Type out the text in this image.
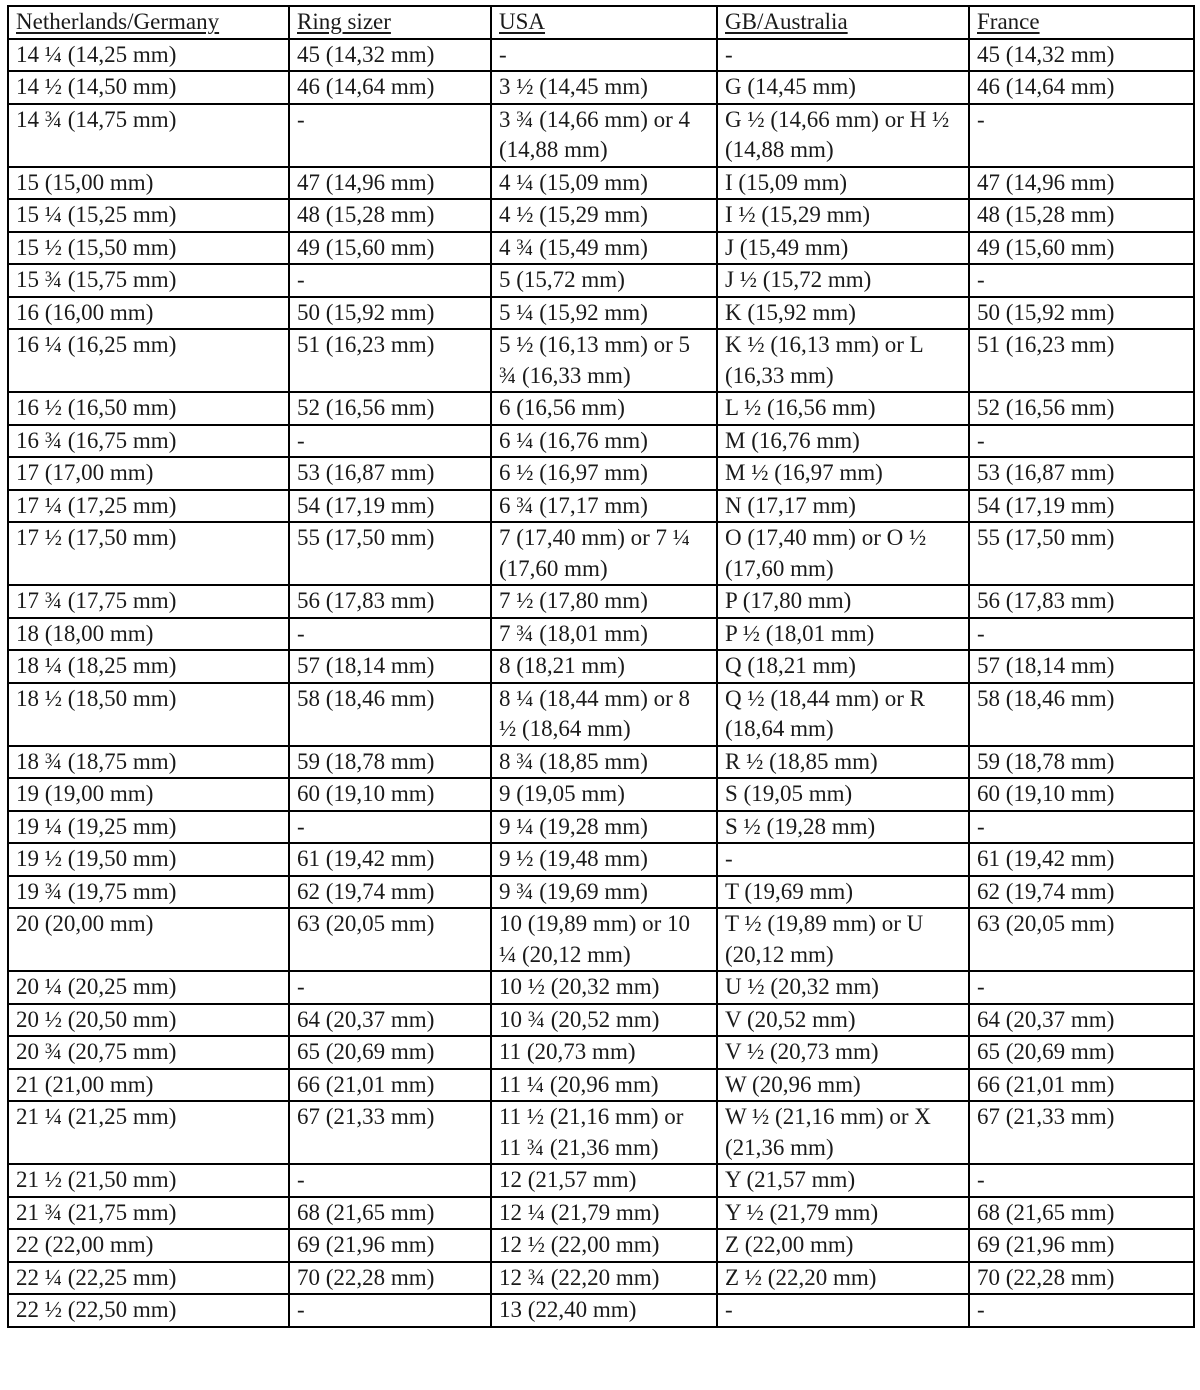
Netherlands/Germany	Ring sizer	USA	GB/Australia	France
14 ¼ (14,25 mm)	45 (14,32 mm)	-	-	45 (14,32 mm)
14 ½ (14,50 mm)	46 (14,64 mm)	3 ½ (14,45 mm)	G (14,45 mm)	46 (14,64 mm)
14 ¾ (14,75 mm)	-	3 ¾ (14,66 mm) or 4 (14,88 mm)	G ½ (14,66 mm) or H ½ (14,88 mm)	-
15 (15,00 mm)	47 (14,96 mm)	4 ¼ (15,09 mm)	I (15,09 mm)	47 (14,96 mm)
15 ¼ (15,25 mm)	48 (15,28 mm)	4 ½ (15,29 mm)	I ½ (15,29 mm)	48 (15,28 mm)
15 ½ (15,50 mm)	49 (15,60 mm)	4 ¾ (15,49 mm)	J (15,49 mm)	49 (15,60 mm)
15 ¾ (15,75 mm)	-	5 (15,72 mm)	J ½ (15,72 mm)	-
16 (16,00 mm)	50 (15,92 mm)	5 ¼ (15,92 mm)	K (15,92 mm)	50 (15,92 mm)
16 ¼ (16,25 mm)	51 (16,23 mm)	5 ½ (16,13 mm) or 5 ¾ (16,33 mm)	K ½ (16,13 mm) or L (16,33 mm)	51 (16,23 mm)
16 ½ (16,50 mm)	52 (16,56 mm)	6 (16,56 mm)	L ½ (16,56 mm)	52 (16,56 mm)
16 ¾ (16,75 mm)	-	6 ¼ (16,76 mm)	M (16,76 mm)	-
17 (17,00 mm)	53 (16,87 mm)	6 ½ (16,97 mm)	M ½ (16,97 mm)	53 (16,87 mm)
17 ¼ (17,25 mm)	54 (17,19 mm)	6 ¾ (17,17 mm)	N (17,17 mm)	54 (17,19 mm)
17 ½ (17,50 mm)	55 (17,50 mm)	7 (17,40 mm) or 7 ¼ (17,60 mm)	O (17,40 mm) or O ½ (17,60 mm)	55 (17,50 mm)
17 ¾ (17,75 mm)	56 (17,83 mm)	7 ½ (17,80 mm)	P (17,80 mm)	56 (17,83 mm)
18 (18,00 mm)	-	7 ¾ (18,01 mm)	P ½ (18,01 mm)	-
18 ¼ (18,25 mm)	57 (18,14 mm)	8 (18,21 mm)	Q (18,21 mm)	57 (18,14 mm)
18 ½ (18,50 mm)	58 (18,46 mm)	8 ¼ (18,44 mm) or 8 ½ (18,64 mm)	Q ½ (18,44 mm) or R (18,64 mm)	58 (18,46 mm)
18 ¾ (18,75 mm)	59 (18,78 mm)	8 ¾ (18,85 mm)	R ½ (18,85 mm)	59 (18,78 mm)
19 (19,00 mm)	60 (19,10 mm)	9 (19,05 mm)	S (19,05 mm)	60 (19,10 mm)
19 ¼ (19,25 mm)	-	9 ¼ (19,28 mm)	S ½ (19,28 mm)	-
19 ½ (19,50 mm)	61 (19,42 mm)	9 ½ (19,48 mm)	-	61 (19,42 mm)
19 ¾ (19,75 mm)	62 (19,74 mm)	9 ¾ (19,69 mm)	T (19,69 mm)	62 (19,74 mm)
20 (20,00 mm)	63 (20,05 mm)	10 (19,89 mm) or 10 ¼ (20,12 mm)	T ½ (19,89 mm) or U (20,12 mm)	63 (20,05 mm)
20 ¼ (20,25 mm)	-	10 ½ (20,32 mm)	U ½ (20,32 mm)	-
20 ½ (20,50 mm)	64 (20,37 mm)	10 ¾ (20,52 mm)	V (20,52 mm)	64 (20,37 mm)
20 ¾ (20,75 mm)	65 (20,69 mm)	11 (20,73 mm)	V ½ (20,73 mm)	65 (20,69 mm)
21 (21,00 mm)	66 (21,01 mm)	11 ¼ (20,96 mm)	W (20,96 mm)	66 (21,01 mm)
21 ¼ (21,25 mm)	67 (21,33 mm)	11 ½ (21,16 mm) or 11 ¾ (21,36 mm)	W ½ (21,16 mm) or X (21,36 mm)	67 (21,33 mm)
21 ½ (21,50 mm)	-	12 (21,57 mm)	Y (21,57 mm)	-
21 ¾ (21,75 mm)	68 (21,65 mm)	12 ¼ (21,79 mm)	Y ½ (21,79 mm)	68 (21,65 mm)
22 (22,00 mm)	69 (21,96 mm)	12 ½ (22,00 mm)	Z (22,00 mm)	69 (21,96 mm)
22 ¼ (22,25 mm)	70 (22,28 mm)	12 ¾ (22,20 mm)	Z ½ (22,20 mm)	70 (22,28 mm)
22 ½ (22,50 mm)	-	13 (22,40 mm)	-	-
